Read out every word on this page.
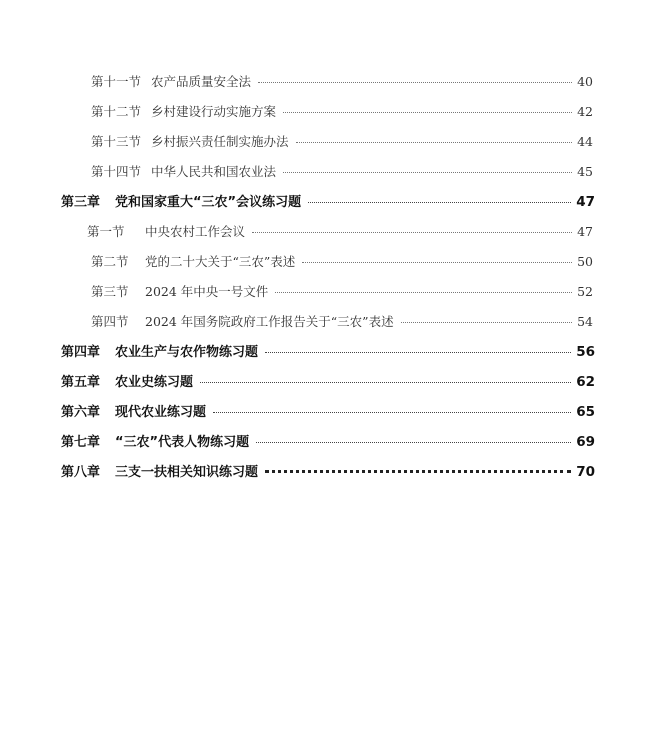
第十一节 农产品质量安全法	40
第十二节 乡村建设行动实施方案	42
第十三节 乡村振兴责任制实施办法	44
第十四节 中华人民共和国农业法	45
第三章	党和国家重大“三农”会议练习题	47
第一节	中央农村工作会议	47
第二节	党的二十大关于“三农”表述	50
第三节	2024 年中央一号文件	52
第四节	2024 年国务院政府工作报告关于“三农”表述	54
第四章	农业生产与农作物练习题	56
第五章	农业史练习题	62
第六章	现代农业练习题	65
第七章	“三农”代表人物练习题	69
第八章	三支一扶相关知识练习题	70
